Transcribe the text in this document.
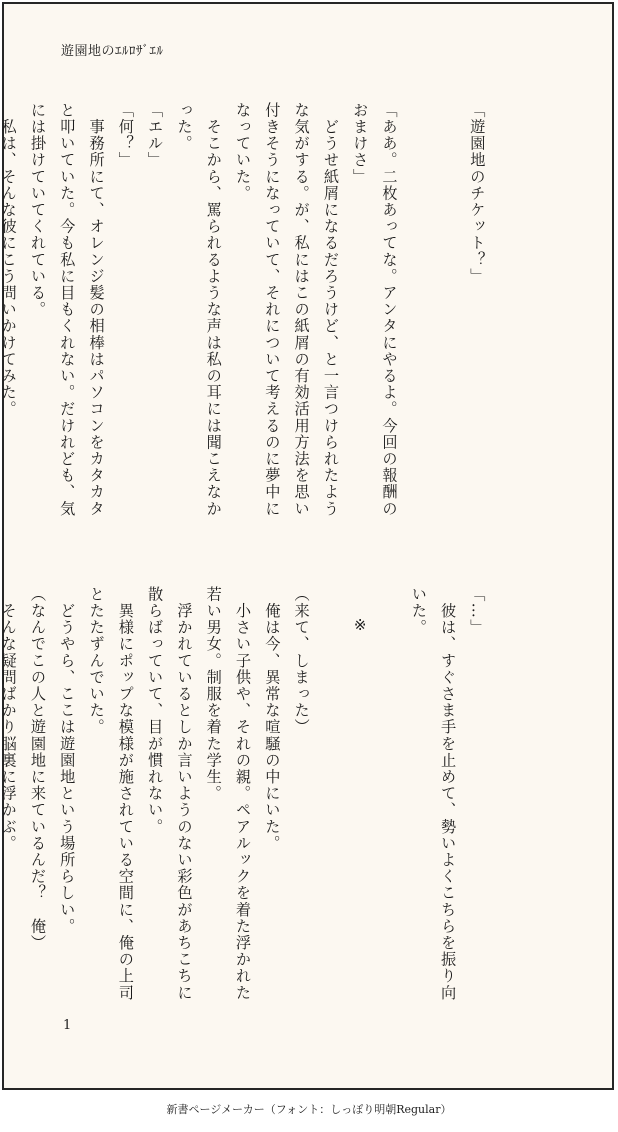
遊園地のｴﾙﾛｻﾞｴﾙ

「遊園地のチケット？」

「ああ。二枚あってな。アンタにやるよ。今回の報酬のおまけさ」
　どうせ紙屑になるだろうけど、と一言つけられたような気がする。が、私にはこの紙屑の有効活用方法を思い付きそうになっていて、それについて考えるのに夢中になっていた。
　そこから、罵られるような声は私の耳には聞こえなかった。
「エル」
「何？」
　事務所にて、オレンジ髪の相棒はパソコンをカタカタと叩いていた。今も私に目もくれない。だけれども、気には掛けていてくれている。
　私は、そんな彼にこう問いかけてみた。

「…」
　彼は、すぐさま手を止めて、勢いよくこちらを振り向いた。

※

（来て、しまった）
　俺は今、異常な喧騒の中にいた。
　小さい子供や、それの親。ペアルックを着た浮かれた若い男女。制服を着た学生。
　浮かれているとしか言いようのない彩色があちこちに散らばっていて、目が慣れない。
　異様にポップな模様が施されている空間に、俺の上司とたたずんでいた。
　どうやら、ここは遊園地という場所らしい。
（なんでこの人と遊園地に来ているんだ？　俺）
　そんな疑問ばかり脳裏に浮かぶ。

1
新書ページメーカー（フォント：しっぽり明朝Regular）
